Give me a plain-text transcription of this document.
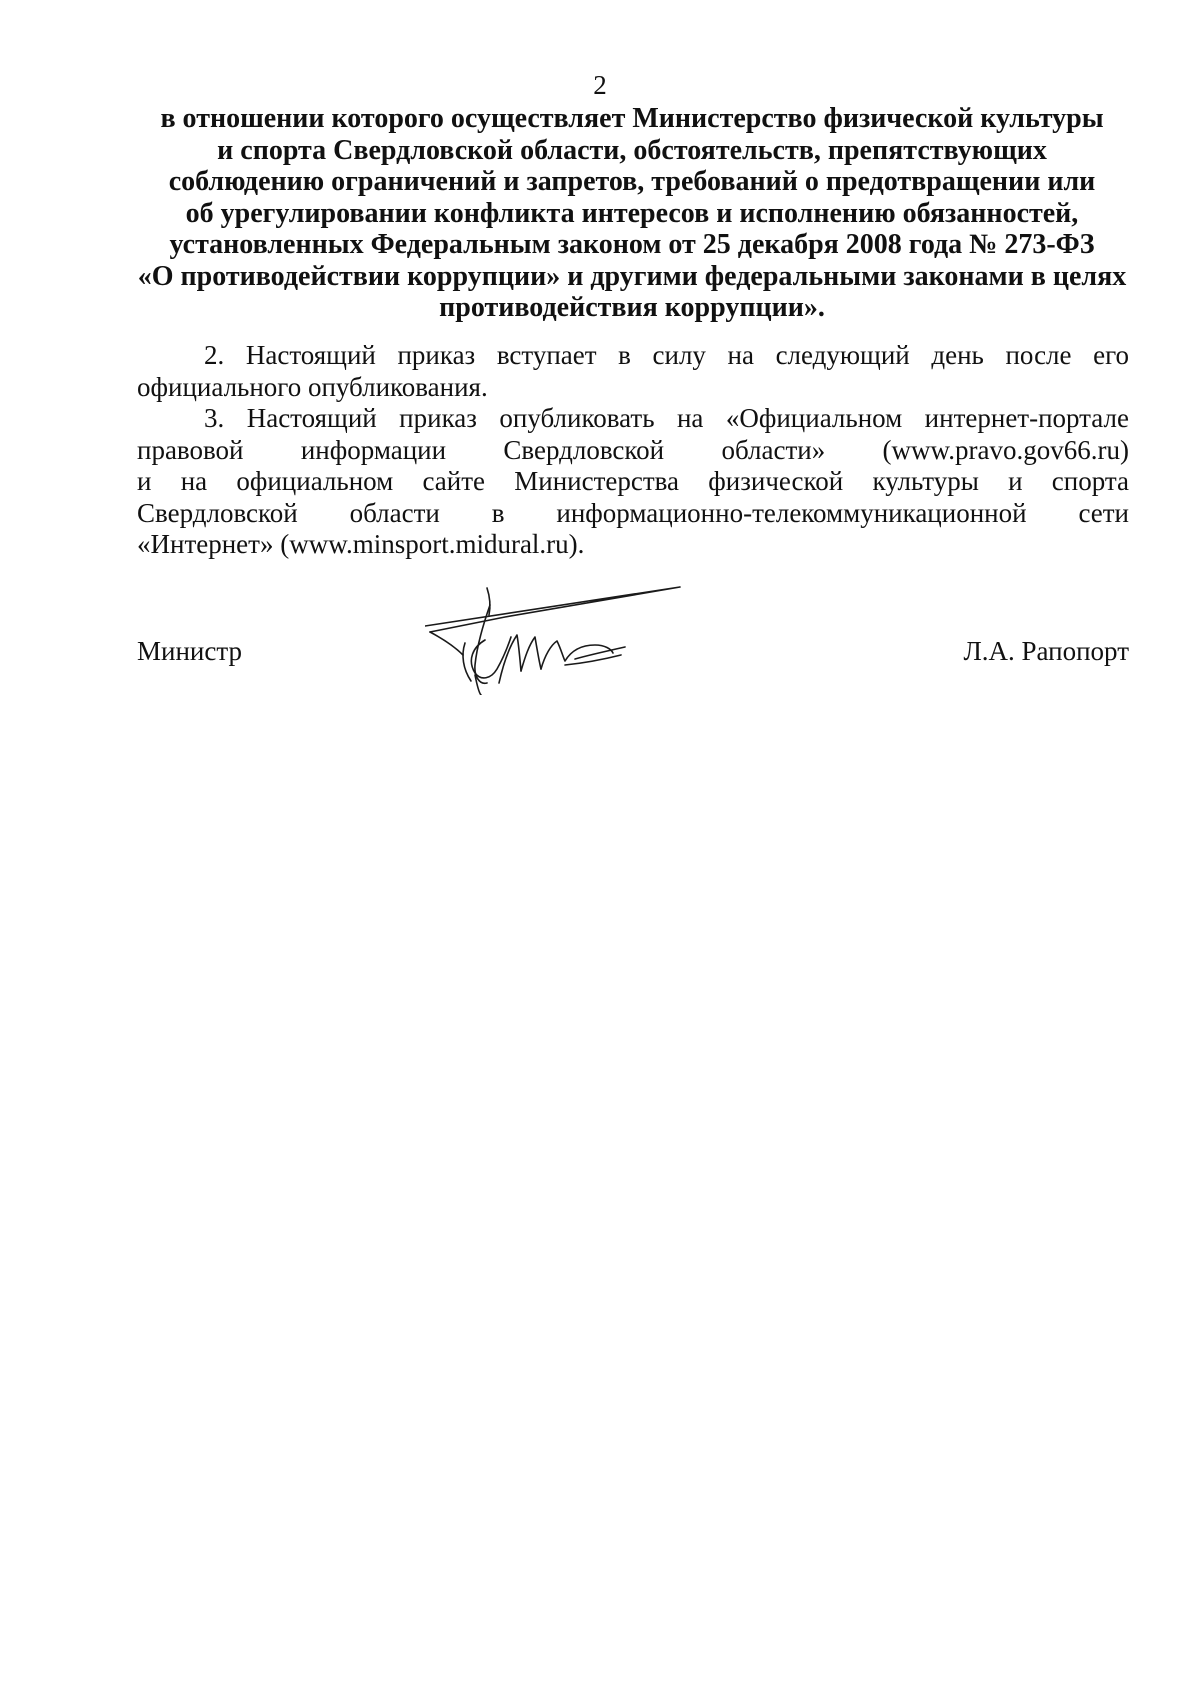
2
в отношении которого осуществляет Министерство физической культуры
и спорта Свердловской области, обстоятельств, препятствующих
соблюдению ограничений и запретов, требований о предотвращении или
об урегулировании конфликта интересов и исполнению обязанностей,
установленных Федеральным законом от 25 декабря 2008 года № 273-ФЗ
«О противодействии коррупции» и другими федеральными законами в целях
противодействия коррупции».
2. Настоящий приказ вступает в силу на следующий день после его
официального опубликования.
3. Настоящий приказ опубликовать на «Официальном интернет-портале
правовой информации Свердловской области» (www.pravo.gov66.ru)
и на официальном сайте Министерства физической культуры и спорта
Свердловской области в информационно-телекоммуникационной сети
«Интернет» (www.minsport.midural.ru).
Министр	Л.А. Рапопорт
